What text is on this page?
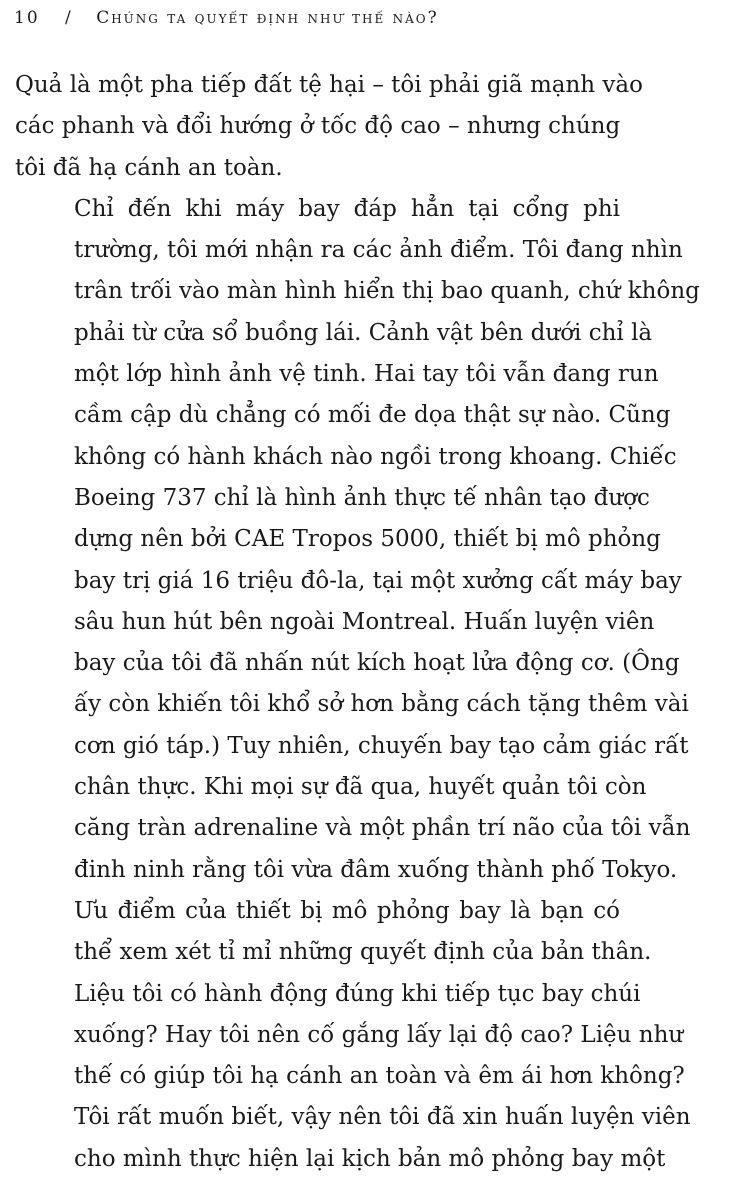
10 / Chúng ta quyết định như thế nào?

Quả là một pha tiếp đất tệ hại – tôi phải giã mạnh vào
các phanh và đổi hướng ở tốc độ cao – nhưng chúng
tôi đã hạ cánh an toàn.

Chỉ đến khi máy bay đáp hẳn tại cổng phi
trường, tôi mới nhận ra các ảnh điểm. Tôi đang nhìn
trân trối vào màn hình hiển thị bao quanh, chứ không
phải từ cửa sổ buồng lái. Cảnh vật bên dưới chỉ là
một lớp hình ảnh vệ tinh. Hai tay tôi vẫn đang run
cầm cập dù chẳng có mối đe dọa thật sự nào. Cũng
không có hành khách nào ngồi trong khoang. Chiếc
Boeing 737 chỉ là hình ảnh thực tế nhân tạo được
dựng nên bởi CAE Tropos 5000, thiết bị mô phỏng
bay trị giá 16 triệu đô-la, tại một xưởng cất máy bay
sâu hun hút bên ngoài Montreal. Huấn luyện viên
bay của tôi đã nhấn nút kích hoạt lửa động cơ. (Ông
ấy còn khiến tôi khổ sở hơn bằng cách tặng thêm vài
cơn gió táp.) Tuy nhiên, chuyến bay tạo cảm giác rất
chân thực. Khi mọi sự đã qua, huyết quản tôi còn
căng tràn adrenaline và một phần trí não của tôi vẫn
đinh ninh rằng tôi vừa đâm xuống thành phố Tokyo.

Ưu điểm của thiết bị mô phỏng bay là bạn có
thể xem xét tỉ mỉ những quyết định của bản thân.
Liệu tôi có hành động đúng khi tiếp tục bay chúi
xuống? Hay tôi nên cố gắng lấy lại độ cao? Liệu như
thế có giúp tôi hạ cánh an toàn và êm ái hơn không?
Tôi rất muốn biết, vậy nên tôi đã xin huấn luyện viên
cho mình thực hiện lại kịch bản mô phỏng bay một
